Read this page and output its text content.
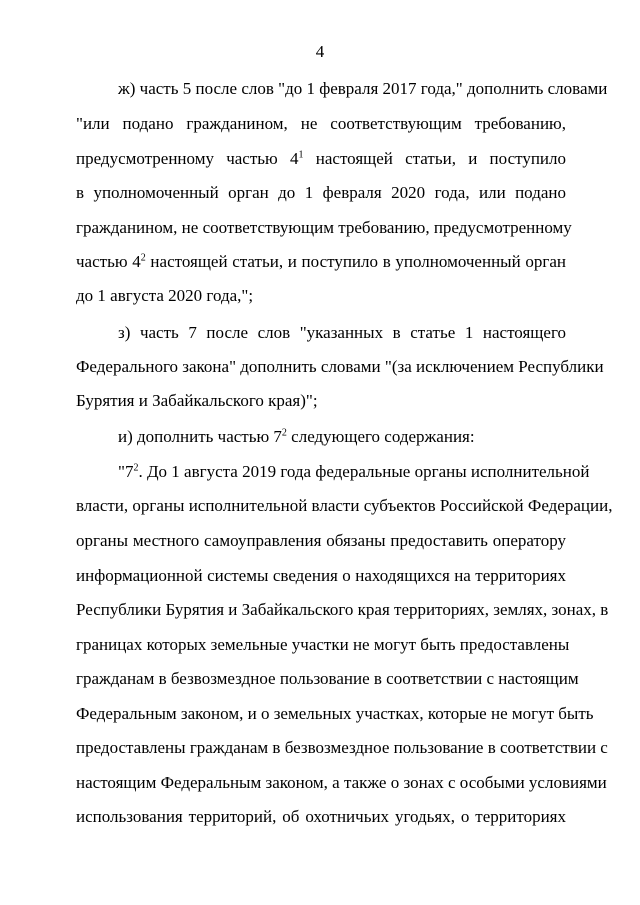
4

ж) часть 5 после слов "до 1 февраля 2017 года," дополнить словами

"или подано гражданином, не соответствующим требованию,

предусмотренному частью $4^1$ настоящей статьи, и поступило

в уполномоченный орган до 1 февраля 2020 года, или подано

гражданином, не соответствующим требованию, предусмотренному

частью $4^2$ настоящей статьи, и поступило в уполномоченный орган

до 1 августа 2020 года,";

з) часть 7 после слов "указанных в статье 1 настоящего

Федерального закона" дополнить словами "(за исключением Республики

Бурятия и Забайкальского края)";

и) дополнить частью $7^2$ следующего содержания:

"$7^2$. До 1 августа 2019 года федеральные органы исполнительной

власти, органы исполнительной власти субъектов Российской Федерации,

органы местного самоуправления обязаны предоставить оператору

информационной системы сведения о находящихся на территориях

Республики Бурятия и Забайкальского края территориях, землях, зонах, в

границах которых земельные участки не могут быть предоставлены

гражданам в безвозмездное пользование в соответствии с настоящим

Федеральным законом, и о земельных участках, которые не могут быть

предоставлены гражданам в безвозмездное пользование в соответствии с

настоящим Федеральным законом, а также о зонах с особыми условиями

использования территорий, об охотничьих угодьях, о территориях
